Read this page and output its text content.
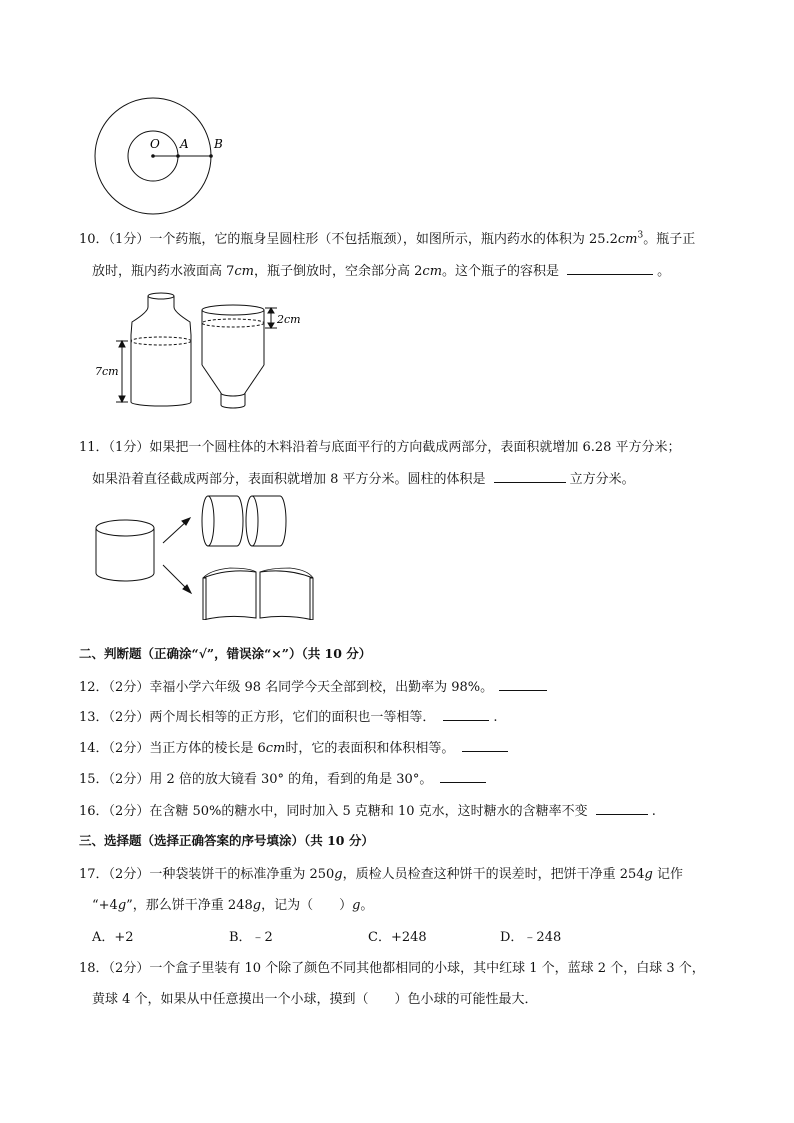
O A B
10．（1分）一个药瓶，它的瓶身呈圆柱形（不包括瓶颈），如图所示，瓶内药水的体积为 $25.2cm^3$。瓶子正
放时，瓶内药水液面高 7cm，瓶子倒放时，空余部分高 2cm。这个瓶子的容积是	。
7cm
2cm
11．（1分）如果把一个圆柱体的木料沿着与底面平行的方向截成两部分，表面积就增加 6.28 平方分米；
如果沿着直径截成两部分，表面积就增加 8 平方分米。圆柱的体积是	立方分米。
二、判断题（正确涂“√”，错误涂“×”）（共 10 分）
12．（2分）幸福小学六年级 98 名同学今天全部到校，出勤率为 98%。
13．（2分）两个周长相等的正方形，它们的面积也一等相等．	.
14．（2分）当正方体的棱长是 6cm时，它的表面积和体积相等。
15．（2分）用 2 倍的放大镜看 30° 的角，看到的角是 30°。
16．（2分）在含糖 50%的糖水中，同时加入 5 克糖和 10 克水，这时糖水的含糖率不变	.
三、选择题（选择正确答案的序号填涂）（共 10 分）
17．（2分）一种袋装饼干的标准净重为 250g，质检人员检查这种饼干的误差时，把饼干净重 254g 记作
“+4g”，那么饼干净重 248g，记为（　　）g。
A．+2	B．﹣2	C．+248	D．﹣248
18．（2分）一个盒子里装有 10 个除了颜色不同其他都相同的小球，其中红球 1 个，蓝球 2 个，白球 3 个，
黄球 4 个，如果从中任意摸出一个小球，摸到（　　）色小球的可能性最大．
